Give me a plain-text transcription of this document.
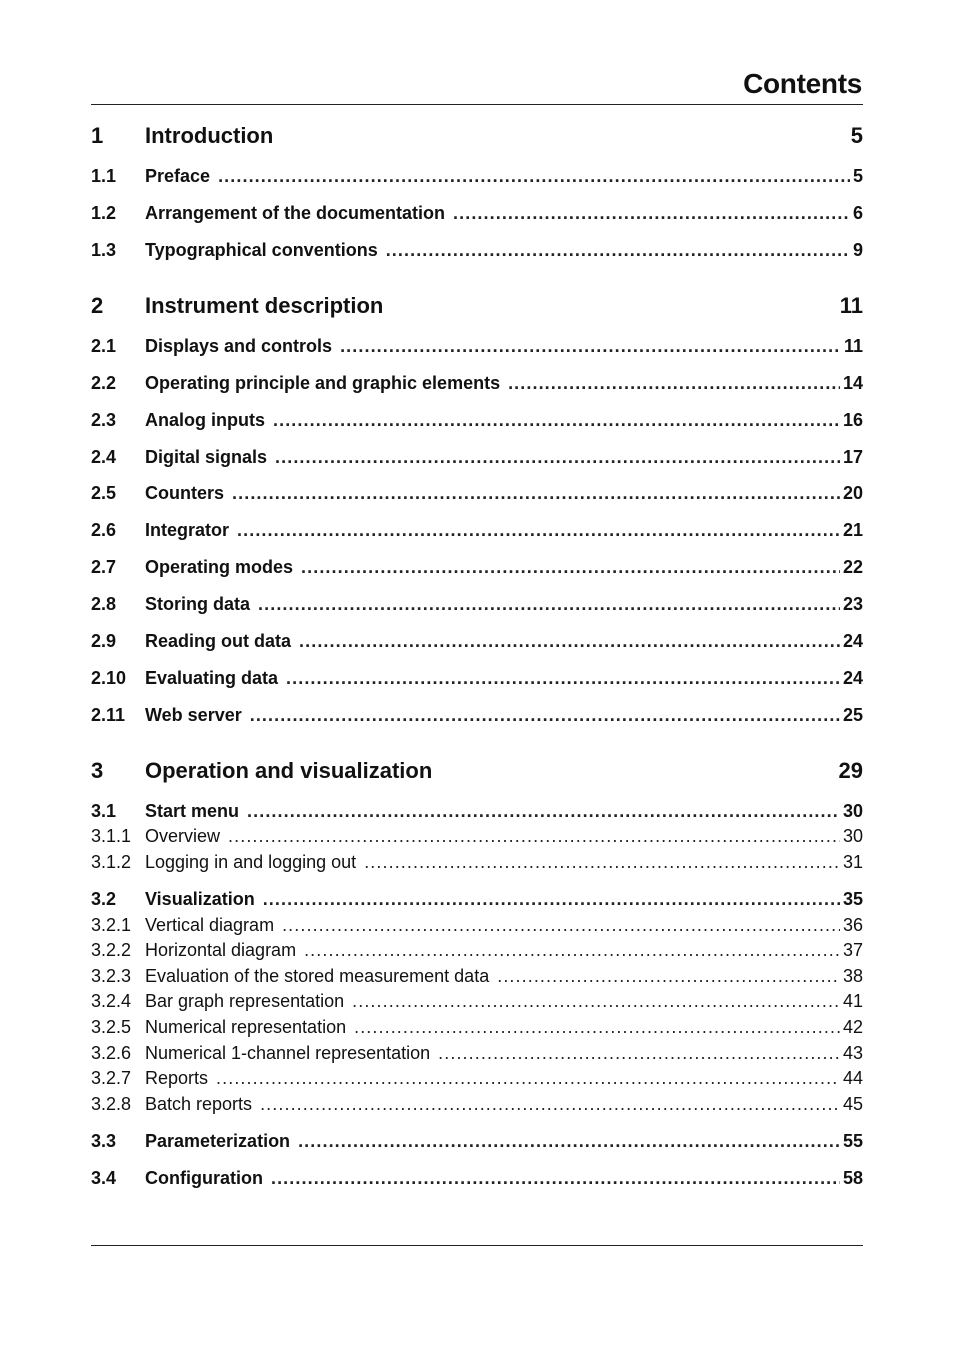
Contents
1	Introduction	5
1.1	Preface .....	5
1.2	Arrangement of the documentation .....	6
1.3	Typographical conventions .....	9
2	Instrument description	11
2.1	Displays and controls .....	11
2.2	Operating principle and graphic elements .....	14
2.3	Analog inputs .....	16
2.4	Digital signals .....	17
2.5	Counters .....	20
2.6	Integrator .....	21
2.7	Operating modes .....	22
2.8	Storing data .....	23
2.9	Reading out data .....	24
2.10	Evaluating data .....	24
2.11	Web server .....	25
3	Operation and visualization	29
3.1	Start menu .....	30
3.1.1 Overview .....	30
3.1.2 Logging in and logging out .....	31
3.2	Visualization .....	35
3.2.1 Vertical diagram .....	36
3.2.2 Horizontal diagram .....	37
3.2.3 Evaluation of the stored measurement data .....	38
3.2.4 Bar graph representation .....	41
3.2.5 Numerical representation .....	42
3.2.6 Numerical 1-channel representation .....	43
3.2.7 Reports .....	44
3.2.8 Batch reports .....	45
3.3	Parameterization .....	55
3.4	Configuration .....	58
